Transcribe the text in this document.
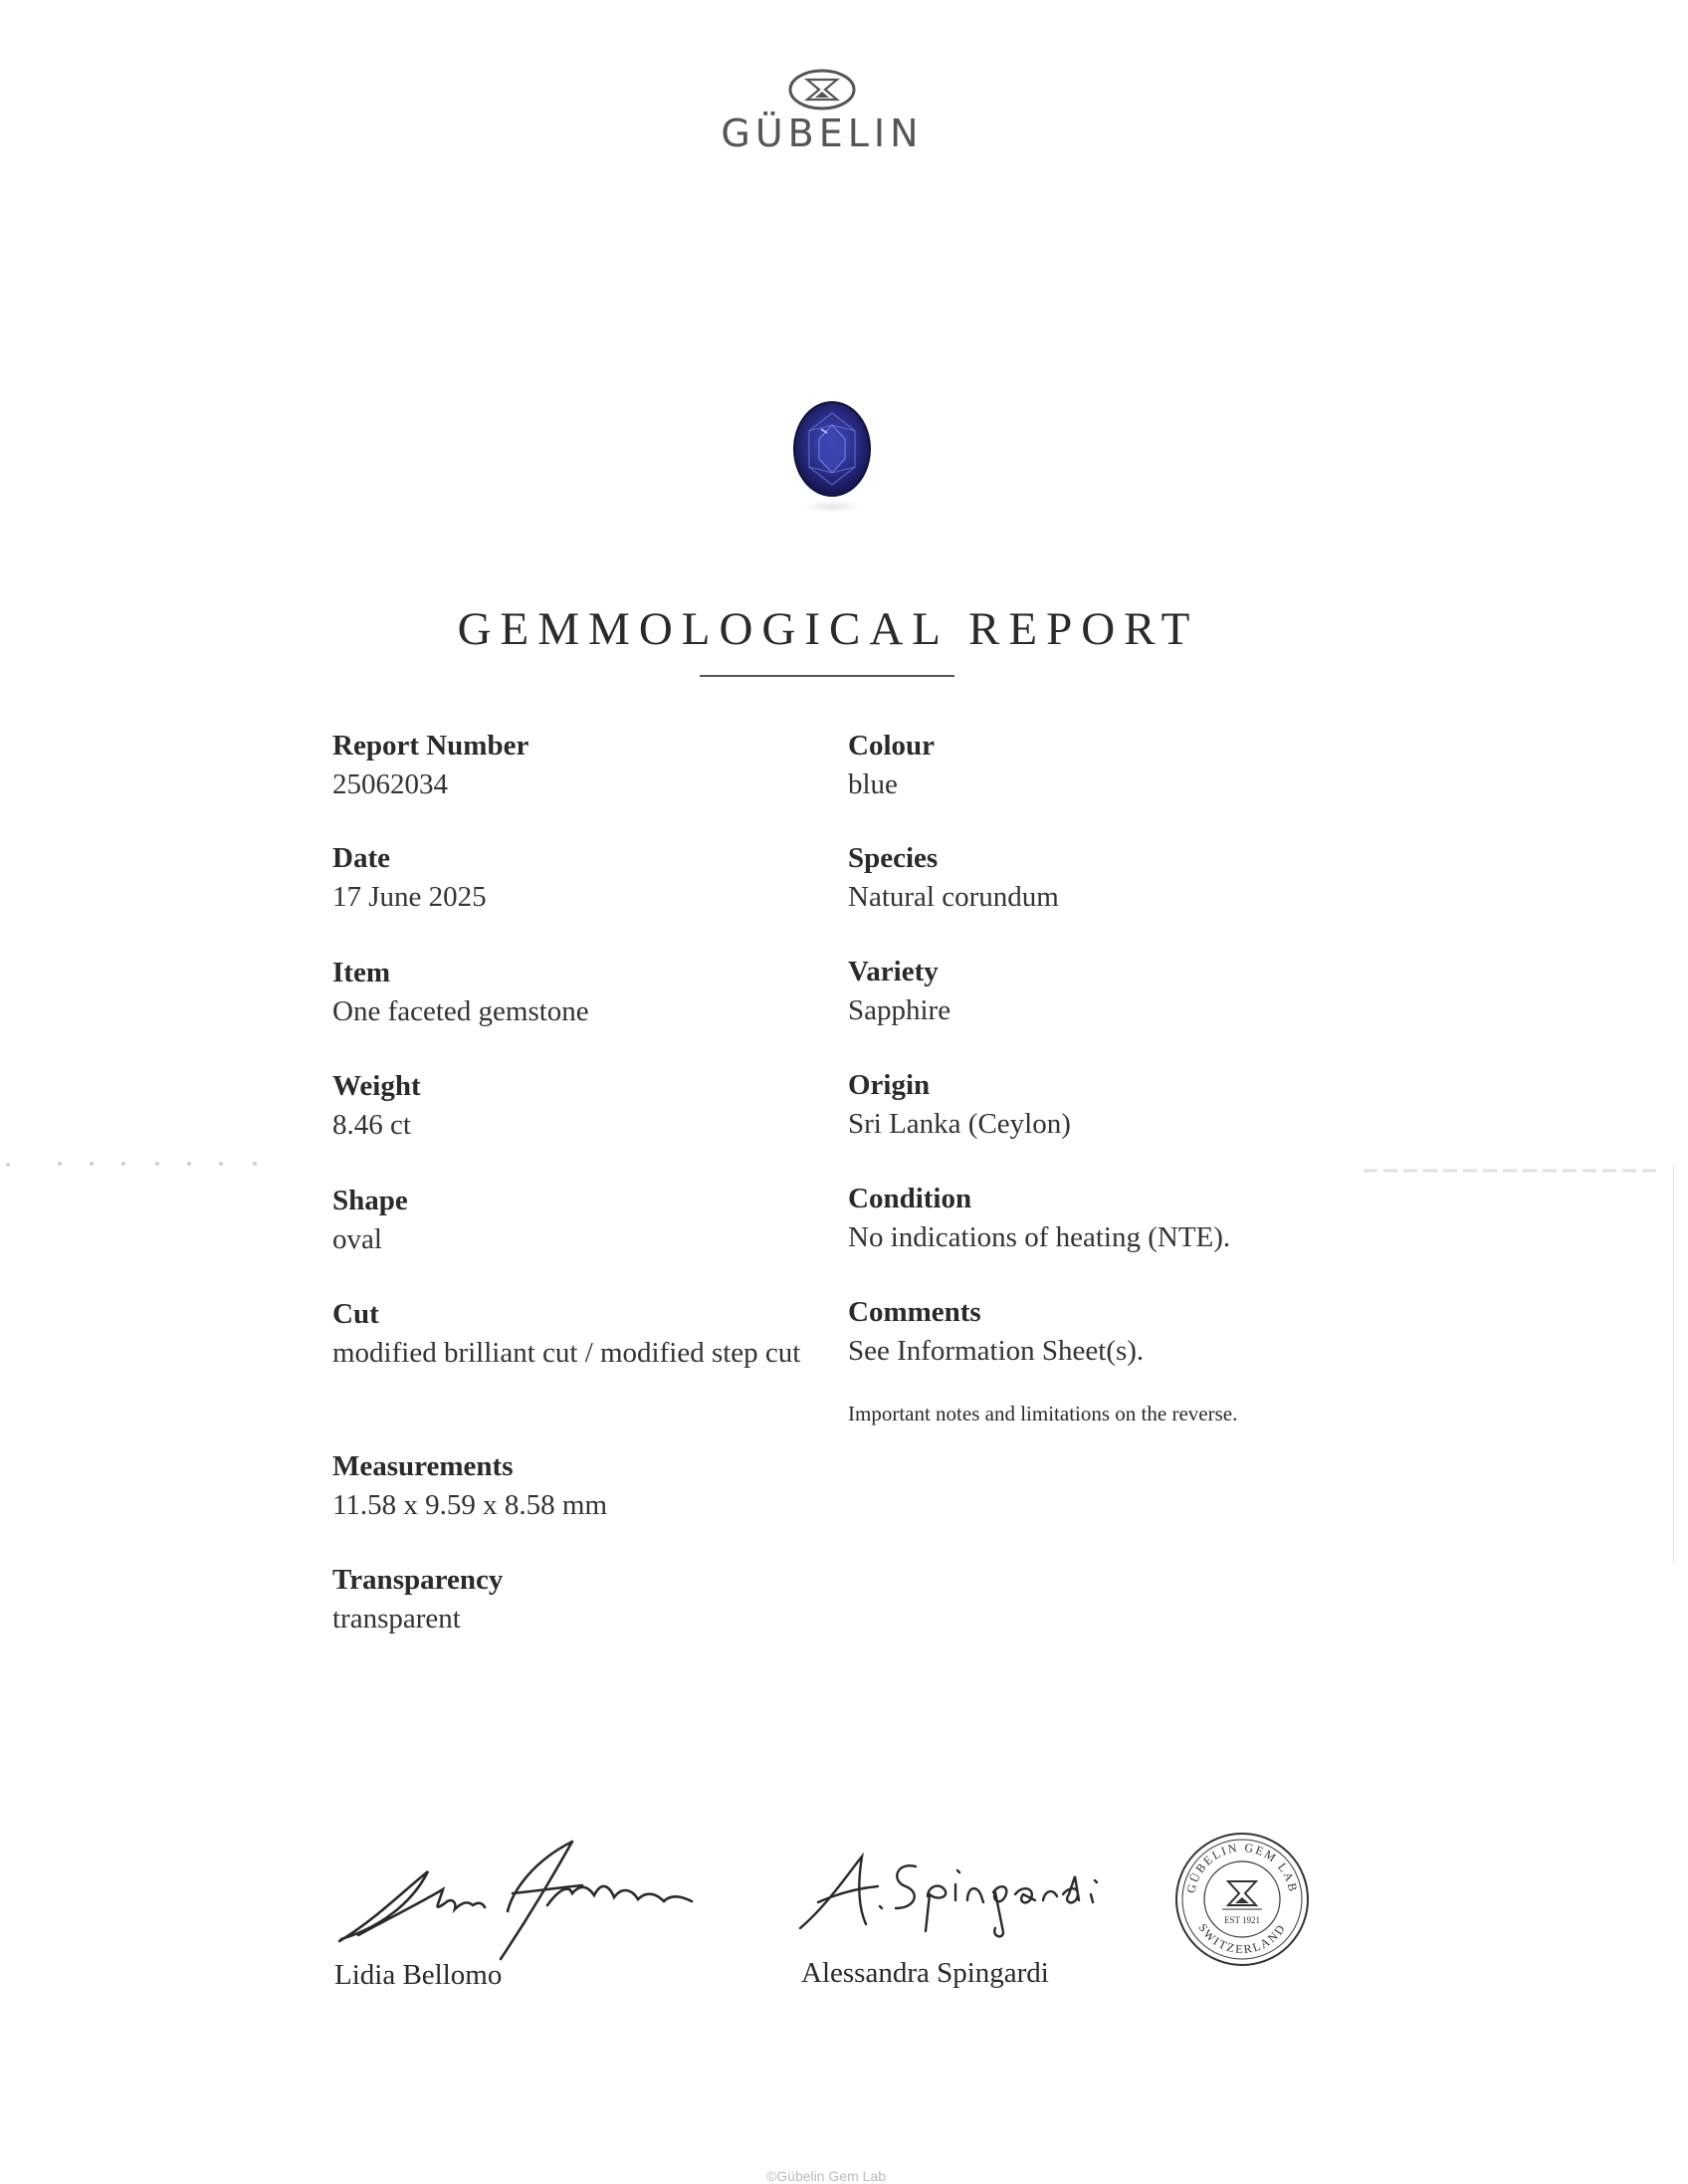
GÜBELIN
GEMMOLOGICAL REPORT
Report Number
25062034
Date
17 June 2025
Item
One faceted gemstone
Weight
8.46 ct
Shape
oval
Cut
modified brilliant cut / modified step cut
Measurements
11.58 x 9.59 x 8.58 mm
Transparency
transparent
Colour
blue
Species
Natural corundum
Variety
Sapphire
Origin
Sri Lanka (Ceylon)
Condition
No indications of heating (NTE).
Comments
See Information Sheet(s).
Important notes and limitations on the reverse.
Lidia Bellomo	Alessandra Spingardi
GÜBELIN GEM LAB
SWITZERLAND
EST 1921
©Gübelin Gem Lab
